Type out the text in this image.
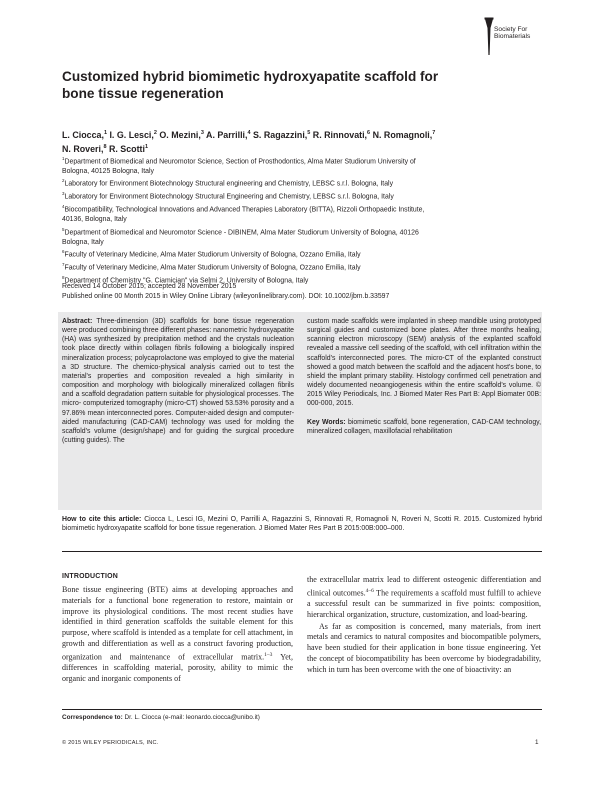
Society For
Biomaterials
Customized hybrid biomimetic hydroxyapatite scaffold for
bone tissue regeneration
L. Ciocca,$^1$ I. G. Lesci,$^2$ O. Mezini,$^3$ A. Parrilli,$^4$ S. Ragazzini,$^5$ R. Rinnovati,$^6$ N. Romagnoli,$^7$
N. Roveri,$^8$ R. Scotti$^1$
$^1$Department of Biomedical and Neuromotor Science, Section of Prosthodontics, Alma Mater Studiorum University of
Bologna, 40125 Bologna, Italy
$^2$Laboratory for Environment Biotechnology Structural engineering and Chemistry, LEBSC s.r.l. Bologna, Italy
$^3$Laboratory for Environment Biotechnology Structural Engineering and Chemistry, LEBSC s.r.l. Bologna, Italy
$^4$Biocompatibility, Technological Innovations and Advanced Therapies Laboratory (BITTA), Rizzoli Orthopaedic Institute,
40136, Bologna, Italy
$^5$Department of Biomedical and Neuromotor Science - DIBINEM, Alma Mater Studiorum University of Bologna, 40126
Bologna, Italy
$^6$Faculty of Veterinary Medicine, Alma Mater Studiorum University of Bologna, Ozzano Emilia, Italy
$^7$Faculty of Veterinary Medicine, Alma Mater Studiorum University of Bologna, Ozzano Emilia, Italy
$^8$Department of Chemistry "G. Ciamician" via Selmi 2, University of Bologna, Italy
Received 14 October 2015; accepted 28 November 2015
Published online 00 Month 2015 in Wiley Online Library (wileyonlinelibrary.com). DOI: 10.1002/jbm.b.33597
Abstract: Three-dimension (3D) scaffolds for bone tissue regeneration were produced combining three different phases: nanometric hydroxyapatite (HA) was synthesized by precipitation method and the crystals nucleation took place directly within collagen fibrils following a biologically inspired mineralization process; polycaprolactone was employed to give the material a 3D structure. The chemico-physical analysis carried out to test the material's properties and composition revealed a high similarity in composition and morphology with biologically mineralized collagen fibrils and a scaffold degradation pattern suitable for physiological processes. The micro- computerized tomography (micro-CT) showed 53.53% porosity and a 97.86% mean interconnected pores. Computer-aided design and computer-aided manufacturing (CAD-CAM) technology was used for molding the scaffold's volume (design/shape) and for guiding the surgical procedure (cutting guides). The
custom made scaffolds were implanted in sheep mandible using prototyped surgical guides and customized bone plates. After three months healing, scanning electron microscopy (SEM) analysis of the explanted scaffold revealed a massive cell seeding of the scaffold, with cell infiltration within the scaffold's interconnected pores. The micro-CT of the explanted construct showed a good match between the scaffold and the adjacent host's bone, to shield the implant primary stability. Histology confirmed cell penetration and widely documented neoangiogenesis within the entire scaffold's volume. © 2015 Wiley Periodicals, Inc. J Biomed Mater Res Part B: Appl Biomater 00B: 000-000, 2015.
Key Words: biomimetic scaffold, bone regeneration, CAD-CAM technology, mineralized collagen, maxillofacial rehabilitation
How to cite this article: Ciocca L, Lesci IG, Mezini O, Parrilli A, Ragazzini S, Rinnovati R, Romagnoli N, Roveri N, Scotti R. 2015. Customized hybrid biomimetic hydroxyapatite scaffold for bone tissue regeneration. J Biomed Mater Res Part B 2015:00B:000–000.
INTRODUCTION
Bone tissue engineering (BTE) aims at developing approaches and materials for a functional bone regeneration to restore, maintain or improve its physiological conditions. The most recent studies have identified in third generation scaffolds the suitable element for this purpose, where scaffold is intended as a template for cell attachment, in growth and differentiation as well as a construct favoring production, organization and maintenance of extracellular matrix.$^{1-3}$ Yet, differences in scaffolding material, porosity, ability to mimic the organic and inorganic components of

the extracellular matrix lead to different osteogenic differentiation and clinical outcomes.$^{4-6}$ The requirements a scaffold must fulfill to achieve a successful result can be summarized in five points: composition, hierarchical organization, structure, customization, and load-bearing.

As far as composition is concerned, many materials, from inert metals and ceramics to natural composites and biocompatible polymers, have been studied for their application in bone tissue engineering. Yet the concept of biocompatibility has been overcome by biodegradability, which in turn has been overcome with the one of bioactivity: an

Correspondence to: Dr. L. Ciocca (e-mail: leonardo.ciocca@unibo.it)
© 2015 WILEY PERIODICALS, INC.	1
